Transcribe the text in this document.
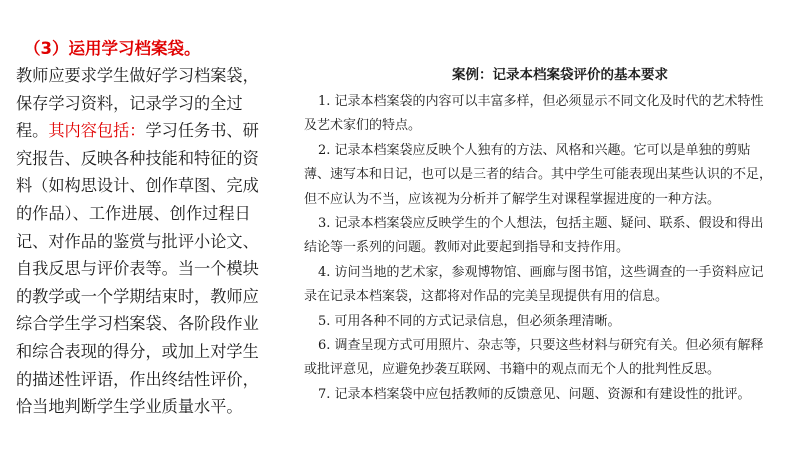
（3）运用学习档案袋。

教师应要求学生做好学习档案袋，保存学习资料，记录学习的全过程。其内容包括：学习任务书、研究报告、反映各种技能和特征的资料（如构思设计、创作草图、完成的作品）、工作进展、创作过程日记、对作品的鉴赏与批评小论文、自我反思与评价表等。当一个模块的教学或一个学期结束时，教师应综合学生学习档案袋、各阶段作业和综合表现的得分，或加上对学生的描述性评语，作出终结性评价，恰当地判断学生学业质量水平。

案例：记录本档案袋评价的基本要求

1. 记录本档案袋的内容可以丰富多样，但必须显示不同文化及时代的艺术特性及艺术家们的特点。

2. 记录本档案袋应反映个人独有的方法、风格和兴趣。它可以是单独的剪贴薄、速写本和日记，也可以是三者的结合。其中学生可能表现出某些认识的不足，但不应认为不当，应该视为分析并了解学生对课程掌握进度的一种方法。

3. 记录本档案袋应反映学生的个人想法，包括主题、疑问、联系、假设和得出结论等一系列的问题。教师对此要起到指导和支持作用。

4. 访问当地的艺术家，参观博物馆、画廊与图书馆，这些调查的一手资料应记录在记录本档案袋，这都将对作品的完美呈现提供有用的信息。

5. 可用各种不同的方式记录信息，但必须条理清晰。

6. 调查呈现方式可用照片、杂志等，只要这些材料与研究有关。但必须有解释或批评意见，应避免抄袭互联网、书籍中的观点而无个人的批判性反思。

7. 记录本档案袋中应包括教师的反馈意见、问题、资源和有建设性的批评。
